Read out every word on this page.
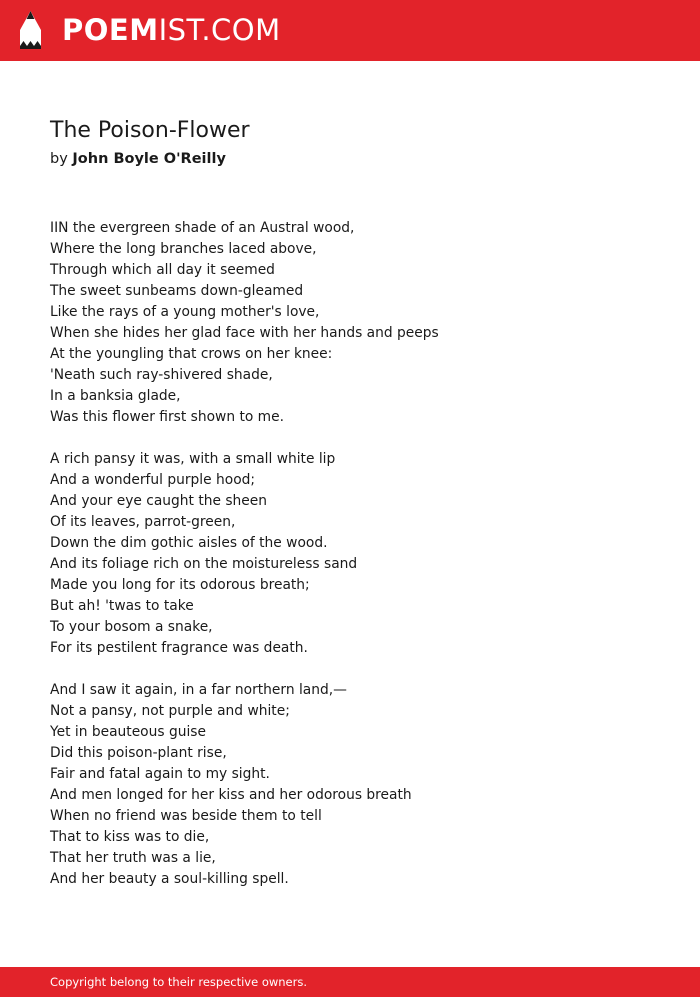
POEMIST.COM
The Poison-Flower
by John Boyle O'Reilly
IIN the evergreen shade of an Austral wood,
Where the long branches laced above,
Through which all day it seemed
The sweet sunbeams down-gleamed
Like the rays of a young mother's love,
When she hides her glad face with her hands and peeps
At the youngling that crows on her knee:
'Neath such ray-shivered shade,
In a banksia glade,
Was this flower first shown to me.
A rich pansy it was, with a small white lip
And a wonderful purple hood;
And your eye caught the sheen
Of its leaves, parrot-green,
Down the dim gothic aisles of the wood.
And its foliage rich on the moistureless sand
Made you long for its odorous breath;
But ah! 'twas to take
To your bosom a snake,
For its pestilent fragrance was death.
And I saw it again, in a far northern land,—
Not a pansy, not purple and white;
Yet in beauteous guise
Did this poison-plant rise,
Fair and fatal again to my sight.
And men longed for her kiss and her odorous breath
When no friend was beside them to tell
That to kiss was to die,
That her truth was a lie,
And her beauty a soul-killing spell.
Copyright belong to their respective owners.
